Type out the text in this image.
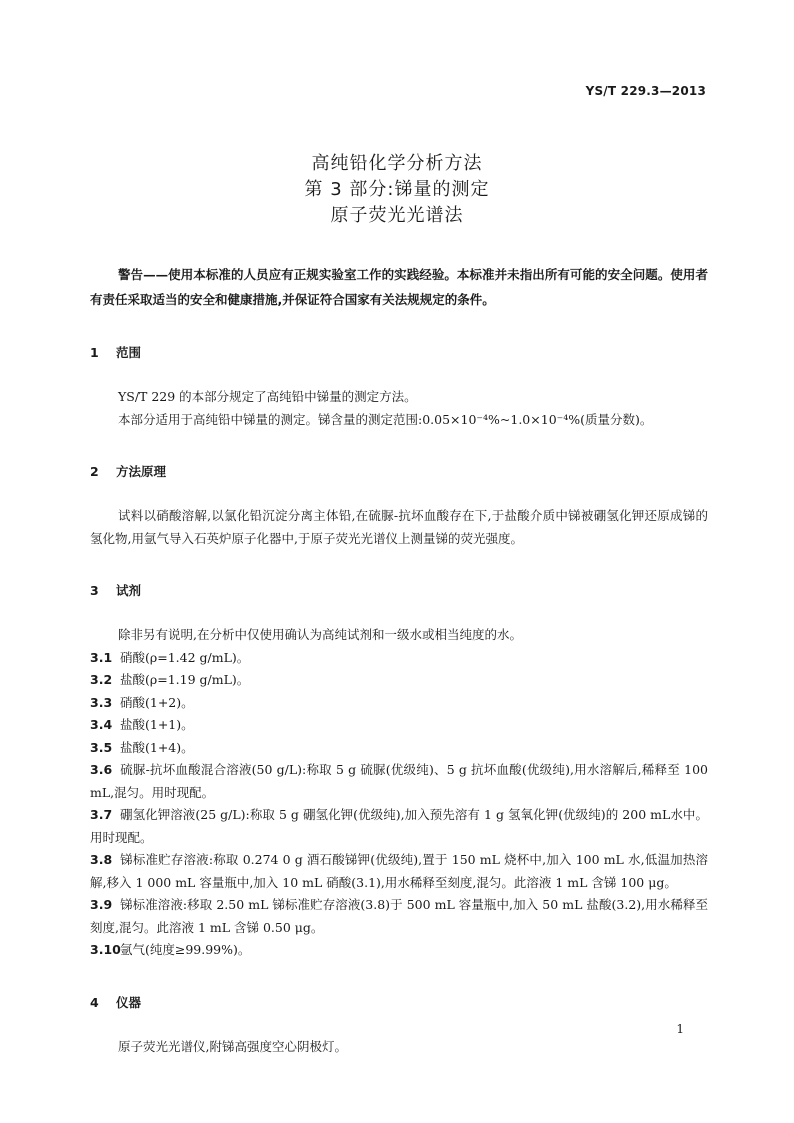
YS/T 229.3—2013
高纯铅化学分析方法
第 3 部分:锑量的测定
原子荧光光谱法

警告——使用本标准的人员应有正规实验室工作的实践经验。本标准并未指出所有可能的安全问题。使用者有责任采取适当的安全和健康措施,并保证符合国家有关法规规定的条件。

1 范围

YS/T 229 的本部分规定了高纯铅中锑量的测定方法。

本部分适用于高纯铅中锑量的测定。锑含量的测定范围:0.05×10⁻⁴%~1.0×10⁻⁴%(质量分数)。

2 方法原理

试料以硝酸溶解,以氯化铅沉淀分离主体铅,在硫脲-抗坏血酸存在下,于盐酸介质中锑被硼氢化钾还原成锑的氢化物,用氩气导入石英炉原子化器中,于原子荧光光谱仪上测量锑的荧光强度。

3 试剂

除非另有说明,在分析中仅使用确认为高纯试剂和一级水或相当纯度的水。

3.1 硝酸(ρ=1.42 g/mL)。

3.2 盐酸(ρ=1.19 g/mL)。

3.3 硝酸(1+2)。

3.4 盐酸(1+1)。

3.5 盐酸(1+4)。

3.6 硫脲-抗坏血酸混合溶液(50 g/L):称取 5 g 硫脲(优级纯)、5 g 抗坏血酸(优级纯),用水溶解后,稀释至 100 mL,混匀。用时现配。

3.7 硼氢化钾溶液(25 g/L):称取 5 g 硼氢化钾(优级纯),加入预先溶有 1 g 氢氧化钾(优级纯)的 200 mL水中。用时现配。

3.8 锑标准贮存溶液:称取 0.274 0 g 酒石酸锑钾(优级纯),置于 150 mL 烧杯中,加入 100 mL 水,低温加热溶解,移入 1 000 mL 容量瓶中,加入 10 mL 硝酸(3.1),用水稀释至刻度,混匀。此溶液 1 mL 含锑 100 μg。

3.9 锑标准溶液:移取 2.50 mL 锑标准贮存溶液(3.8)于 500 mL 容量瓶中,加入 50 mL 盐酸(3.2),用水稀释至刻度,混匀。此溶液 1 mL 含锑 0.50 μg。

3.10氩气(纯度≥99.99%)。

4 仪器

原子荧光光谱仪,附锑高强度空心阴极灯。

1
